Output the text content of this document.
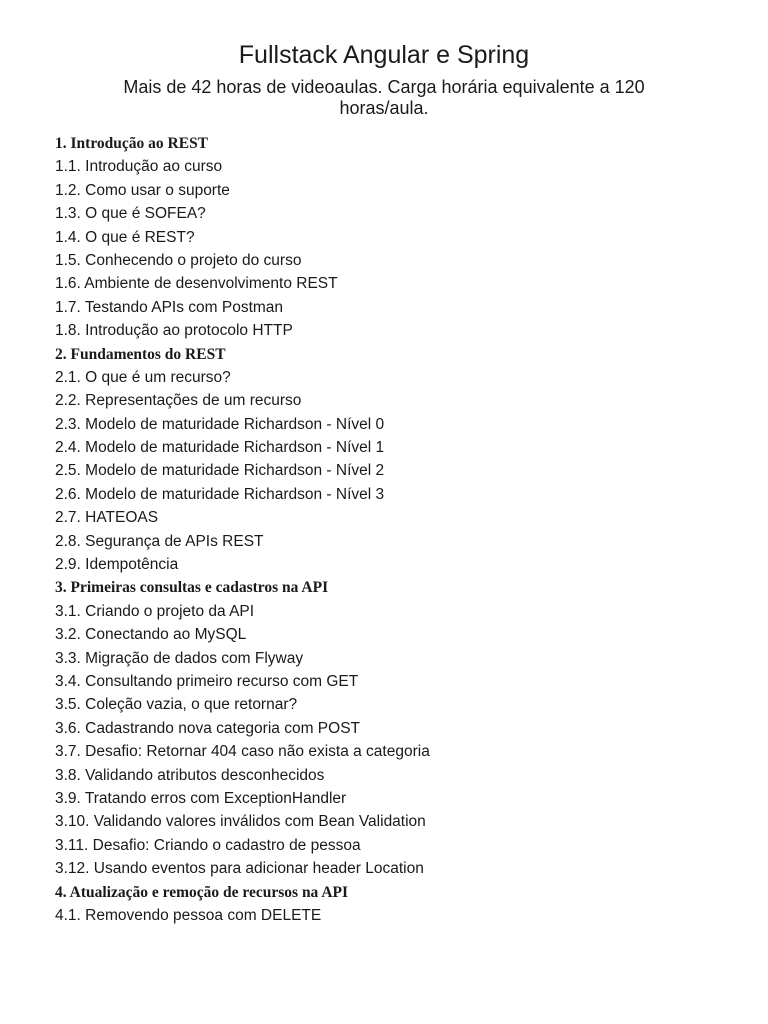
Fullstack Angular e Spring
Mais de 42 horas de videoaulas. Carga horária equivalente a 120 horas/aula.
1. Introdução ao REST
1.1. Introdução ao curso
1.2. Como usar o suporte
1.3. O que é SOFEA?
1.4. O que é REST?
1.5. Conhecendo o projeto do curso
1.6. Ambiente de desenvolvimento REST
1.7. Testando APIs com Postman
1.8. Introdução ao protocolo HTTP
2. Fundamentos do REST
2.1. O que é um recurso?
2.2. Representações de um recurso
2.3. Modelo de maturidade Richardson - Nível 0
2.4. Modelo de maturidade Richardson - Nível 1
2.5. Modelo de maturidade Richardson - Nível 2
2.6. Modelo de maturidade Richardson - Nível 3
2.7. HATEOAS
2.8. Segurança de APIs REST
2.9. Idempotência
3. Primeiras consultas e cadastros na API
3.1. Criando o projeto da API
3.2. Conectando ao MySQL
3.3. Migração de dados com Flyway
3.4. Consultando primeiro recurso com GET
3.5. Coleção vazia, o que retornar?
3.6. Cadastrando nova categoria com POST
3.7. Desafio: Retornar 404 caso não exista a categoria
3.8. Validando atributos desconhecidos
3.9. Tratando erros com ExceptionHandler
3.10. Validando valores inválidos com Bean Validation
3.11. Desafio: Criando o cadastro de pessoa
3.12. Usando eventos para adicionar header Location
4. Atualização e remoção de recursos na API
4.1. Removendo pessoa com DELETE
